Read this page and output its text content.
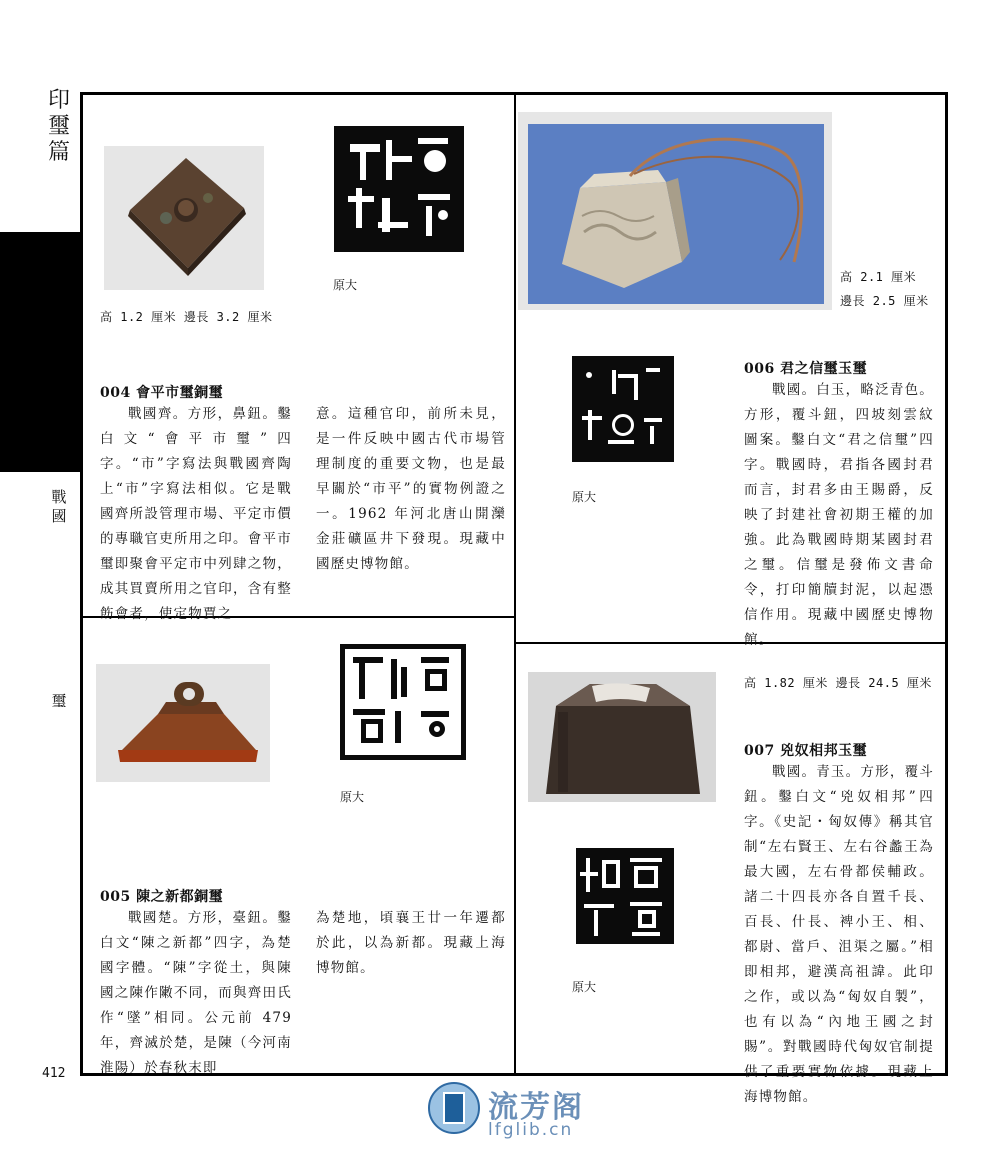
印璽篇
戰國
璽
412
高 1.2 厘米 邊長 3.2 厘米
原大
004 會平市璽銅璽
戰國齊。方形，鼻鈕。鑿白文“會平市璽”四字。“市”字寫法與戰國齊陶上“市”字寫法相似。它是戰國齊所設管理市場、平定市價的專職官吏所用之印。會平市璽即聚會平定市中列肆之物，成其買賣所用之官印，含有整飭會者，使定物賈之
意。這種官印，前所未見，是一件反映中國古代市場管理制度的重要文物，也是最早關於“市平”的實物例證之一。1962 年河北唐山開灤金莊礦區井下發現。現藏中國歷史博物館。
原大
005 陳之新都銅璽
戰國楚。方形，臺鈕。鑿白文“陳之新都”四字，為楚國字體。“陳”字從土，與陳國之陳作敶不同，而與齊田氏作“墜”相同。公元前 479 年，齊滅於楚，是陳（今河南淮陽）於春秋末即
為楚地，頃襄王廿一年遷都於此，以為新都。現藏上海博物館。
高 2.1 厘米
邊長 2.5 厘米
原大
006 君之信璽玉璽
戰國。白玉，略泛青色。方形，覆斗鈕，四坡刻雲紋圖案。鑿白文“君之信璽”四字。戰國時，君指各國封君而言，封君多由王賜爵，反映了封建社會初期王權的加強。此為戰國時期某國封君之璽。信璽是發佈文書命令，打印簡牘封泥，以起憑信作用。現藏中國歷史博物館。
高 1.82 厘米 邊長 24.5 厘米
原大
007 兇奴相邦玉璽
戰國。青玉。方形，覆斗鈕。鑿白文“兇奴相邦”四字。《史記・匈奴傳》稱其官制“左右賢王、左右谷蠡王為最大國，左右骨都侯輔政。諸二十四長亦各自置千長、百長、什長、裨小王、相、都尉、當戶、沮渠之屬。”相即相邦，避漢高祖諱。此印之作，或以為“匈奴自製”，也有以為“內地王國之封賜”。對戰國時代匈奴官制提供了重要實物依據。現藏上海博物館。
流芳阁
lfglib.cn
